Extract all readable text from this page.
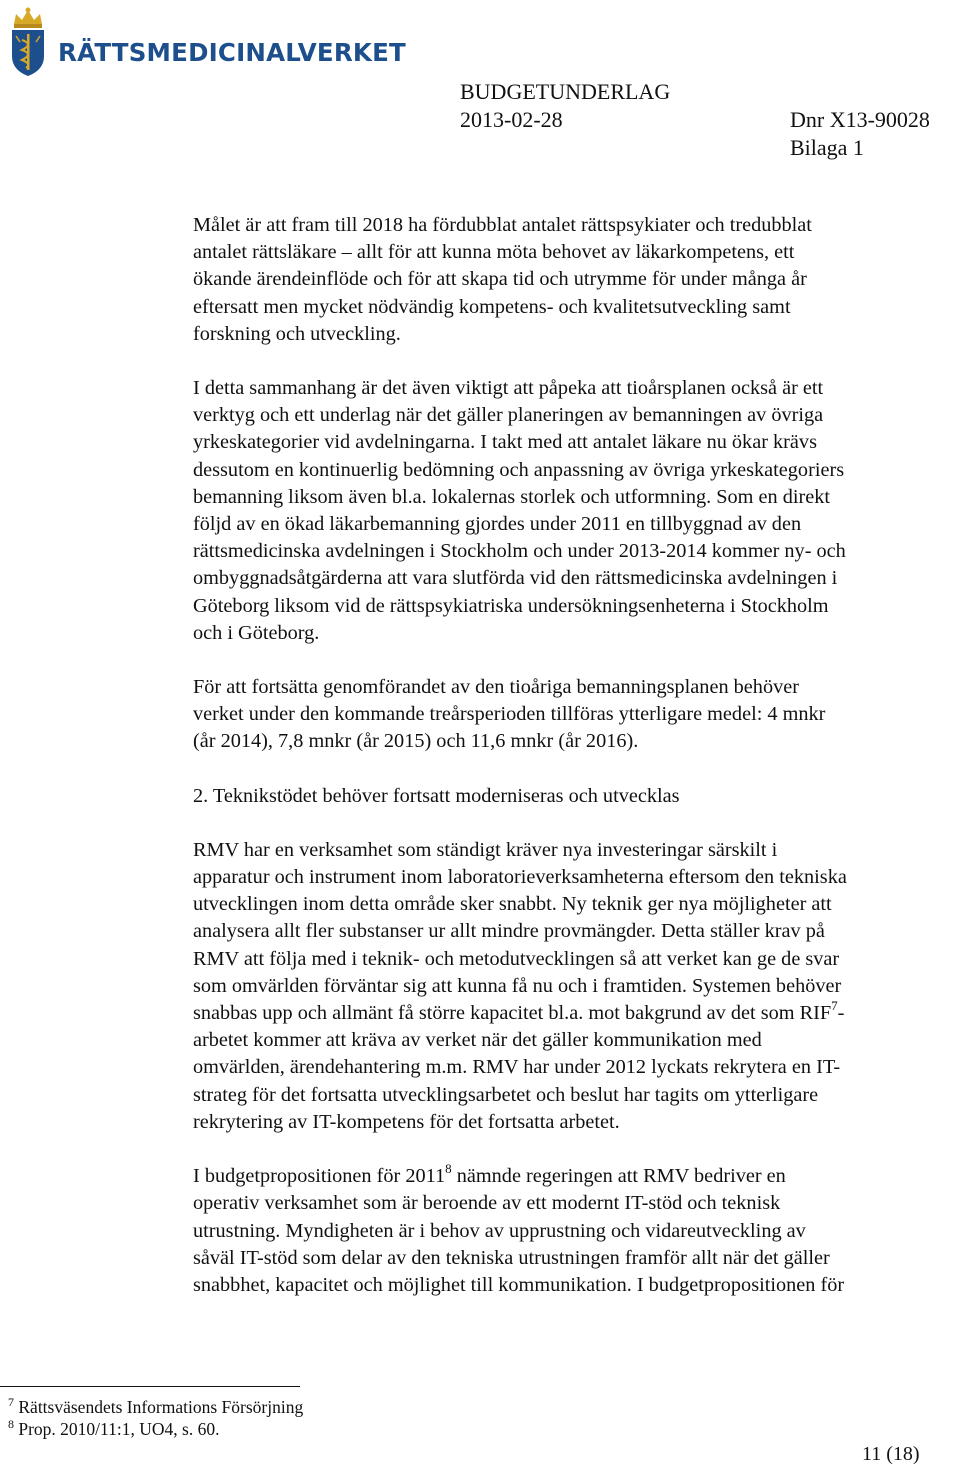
RÄTTSMEDICINALVERKET
BUDGETUNDERLAG
2013-02-28	Dnr X13-90028
Bilaga 1

Målet är att fram till 2018 ha fördubblat antalet rättspsykiater och tredubblat

antalet rättsläkare – allt för att kunna möta behovet av läkarkompetens, ett

ökande ärendeinflöde och för att skapa tid och utrymme för under många år

eftersatt men mycket nödvändig kompetens- och kvalitetsutveckling samt

forskning och utveckling.

I detta sammanhang är det även viktigt att påpeka att tioårsplanen också är ett

verktyg och ett underlag när det gäller planeringen av bemanningen av övriga

yrkeskategorier vid avdelningarna. I takt med att antalet läkare nu ökar krävs

dessutom en kontinuerlig bedömning och anpassning av övriga yrkeskategoriers

bemanning liksom även bl.a. lokalernas storlek och utformning. Som en direkt

följd av en ökad läkarbemanning gjordes under 2011 en tillbyggnad av den

rättsmedicinska avdelningen i Stockholm och under 2013-2014 kommer ny- och

ombyggnadsåtgärderna att vara slutförda vid den rättsmedicinska avdelningen i

Göteborg liksom vid de rättspsykiatriska undersökningsenheterna i Stockholm

och i Göteborg.

För att fortsätta genomförandet av den tioåriga bemanningsplanen behöver

verket under den kommande treårsperioden tillföras ytterligare medel: 4 mnkr

(år 2014), 7,8 mnkr (år 2015) och 11,6 mnkr (år 2016).

2. Teknikstödet behöver fortsatt moderniseras och utvecklas

RMV har en verksamhet som ständigt kräver nya investeringar särskilt i

apparatur och instrument inom laboratorieverksamheterna eftersom den tekniska

utvecklingen inom detta område sker snabbt. Ny teknik ger nya möjligheter att

analysera allt fler substanser ur allt mindre provmängder. Detta ställer krav på

RMV att följa med i teknik- och metodutvecklingen så att verket kan ge de svar

som omvärlden förväntar sig att kunna få nu och i framtiden. Systemen behöver

snabbas upp och allmänt få större kapacitet bl.a. mot bakgrund av det som RIF$^7$-

arbetet kommer att kräva av verket när det gäller kommunikation med

omvärlden, ärendehantering m.m. RMV har under 2012 lyckats rekrytera en IT-

strateg för det fortsatta utvecklingsarbetet och beslut har tagits om ytterligare

rekrytering av IT-kompetens för det fortsatta arbetet.

I budgetpropositionen för 2011$^8$ nämnde regeringen att RMV bedriver en

operativ verksamhet som är beroende av ett modernt IT-stöd och teknisk

utrustning. Myndigheten är i behov av upprustning och vidareutveckling av

såväl IT-stöd som delar av den tekniska utrustningen framför allt när det gäller

snabbhet, kapacitet och möjlighet till kommunikation. I budgetpropositionen för

$^7$ Rättsväsendets Informations Försörjning
$^8$ Prop. 2010/11:1, UO4, s. 60.
11 (18)
